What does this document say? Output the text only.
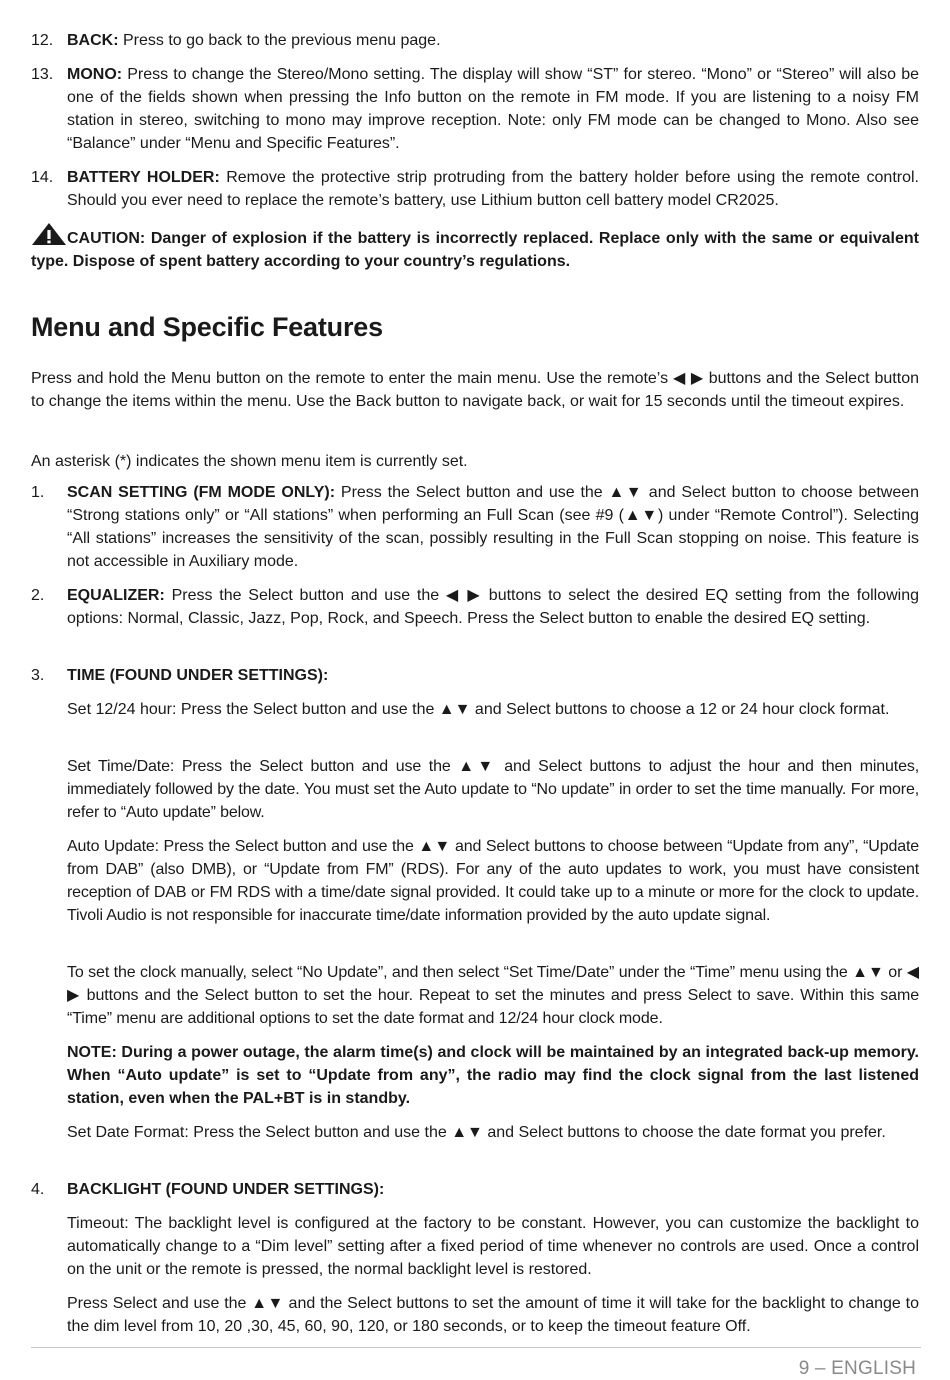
12. BACK: Press to go back to the previous menu page.

13. MONO: Press to change the Stereo/Mono setting. The display will show “ST” for stereo. “Mono” or “Stereo” will also be one of the fields shown when pressing the Info button on the remote in FM mode. If you are listening to a noisy FM station in stereo, switching to mono may improve reception. Note: only FM mode can be changed to Mono. Also see “Balance” under “Menu and Specific Features”.

14. BATTERY HOLDER: Remove the protective strip protruding from the battery holder before using the remote control. Should you ever need to replace the remote’s battery, use Lithium button cell battery model CR2025.

CAUTION: Danger of explosion if the battery is incorrectly replaced. Replace only with the same or equivalent type. Dispose of spent battery according to your country’s regulations.
Menu and Specific Features

Press and hold the Menu button on the remote to enter the main menu. Use the remote’s ◀ ▶ buttons and the Select button to change the items within the menu. Use the Back button to navigate back, or wait for 15 seconds until the timeout expires.

An asterisk (*) indicates the shown menu item is currently set.

1. SCAN SETTING (FM MODE ONLY): Press the Select button and use the ▲▼ and Select button to choose between “Strong stations only” or “All stations” when performing an Full Scan (see #9 (▲▼) under “Remote Control”). Selecting “All stations” increases the sensitivity of the scan, possibly resulting in the Full Scan stopping on noise. This feature is not accessible in Auxiliary mode.

2. EQUALIZER: Press the Select button and use the ◀ ▶ buttons to select the desired EQ setting from the following options: Normal, Classic, Jazz, Pop, Rock, and Speech. Press the Select button to enable the desired EQ setting.

3. TIME (FOUND UNDER SETTINGS):

Set 12/24 hour: Press the Select button and use the ▲▼ and Select buttons to choose a 12 or 24 hour clock format.

Set Time/Date: Press the Select button and use the ▲▼ and Select buttons to adjust the hour and then minutes, immediately followed by the date. You must set the Auto update to “No update” in order to set the time manually. For more, refer to “Auto update” below.

Auto Update: Press the Select button and use the ▲▼ and Select buttons to choose between “Update from any”, “Update from DAB” (also DMB), or “Update from FM” (RDS). For any of the auto updates to work, you must have consistent reception of DAB or FM RDS with a time/date signal provided. It could take up to a minute or more for the clock to update. Tivoli Audio is not responsible for inaccurate time/date information provided by the auto update signal.

To set the clock manually, select “No Update”, and then select “Set Time/Date” under the “Time” menu using the ▲▼ or ◀ ▶ buttons and the Select button to set the hour. Repeat to set the minutes and press Select to save. Within this same “Time” menu are additional options to set the date format and 12/24 hour clock mode.

NOTE: During a power outage, the alarm time(s) and clock will be maintained by an integrated back-up memory. When “Auto update” is set to “Update from any”, the radio may find the clock signal from the last listened station, even when the PAL+BT is in standby.

Set Date Format: Press the Select button and use the ▲▼ and Select buttons to choose the date format you prefer.

4. BACKLIGHT (FOUND UNDER SETTINGS):

Timeout: The backlight level is configured at the factory to be constant. However, you can customize the backlight to automatically change to a “Dim level” setting after a fixed period of time whenever no controls are used. Once a control on the unit or the remote is pressed, the normal backlight level is restored.

Press Select and use the ▲▼ and the Select buttons to set the amount of time it will take for the backlight to change to the dim level from 10, 20 ,30, 45, 60, 90, 120, or 180 seconds, or to keep the timeout feature Off.

9 – ENGLISH
